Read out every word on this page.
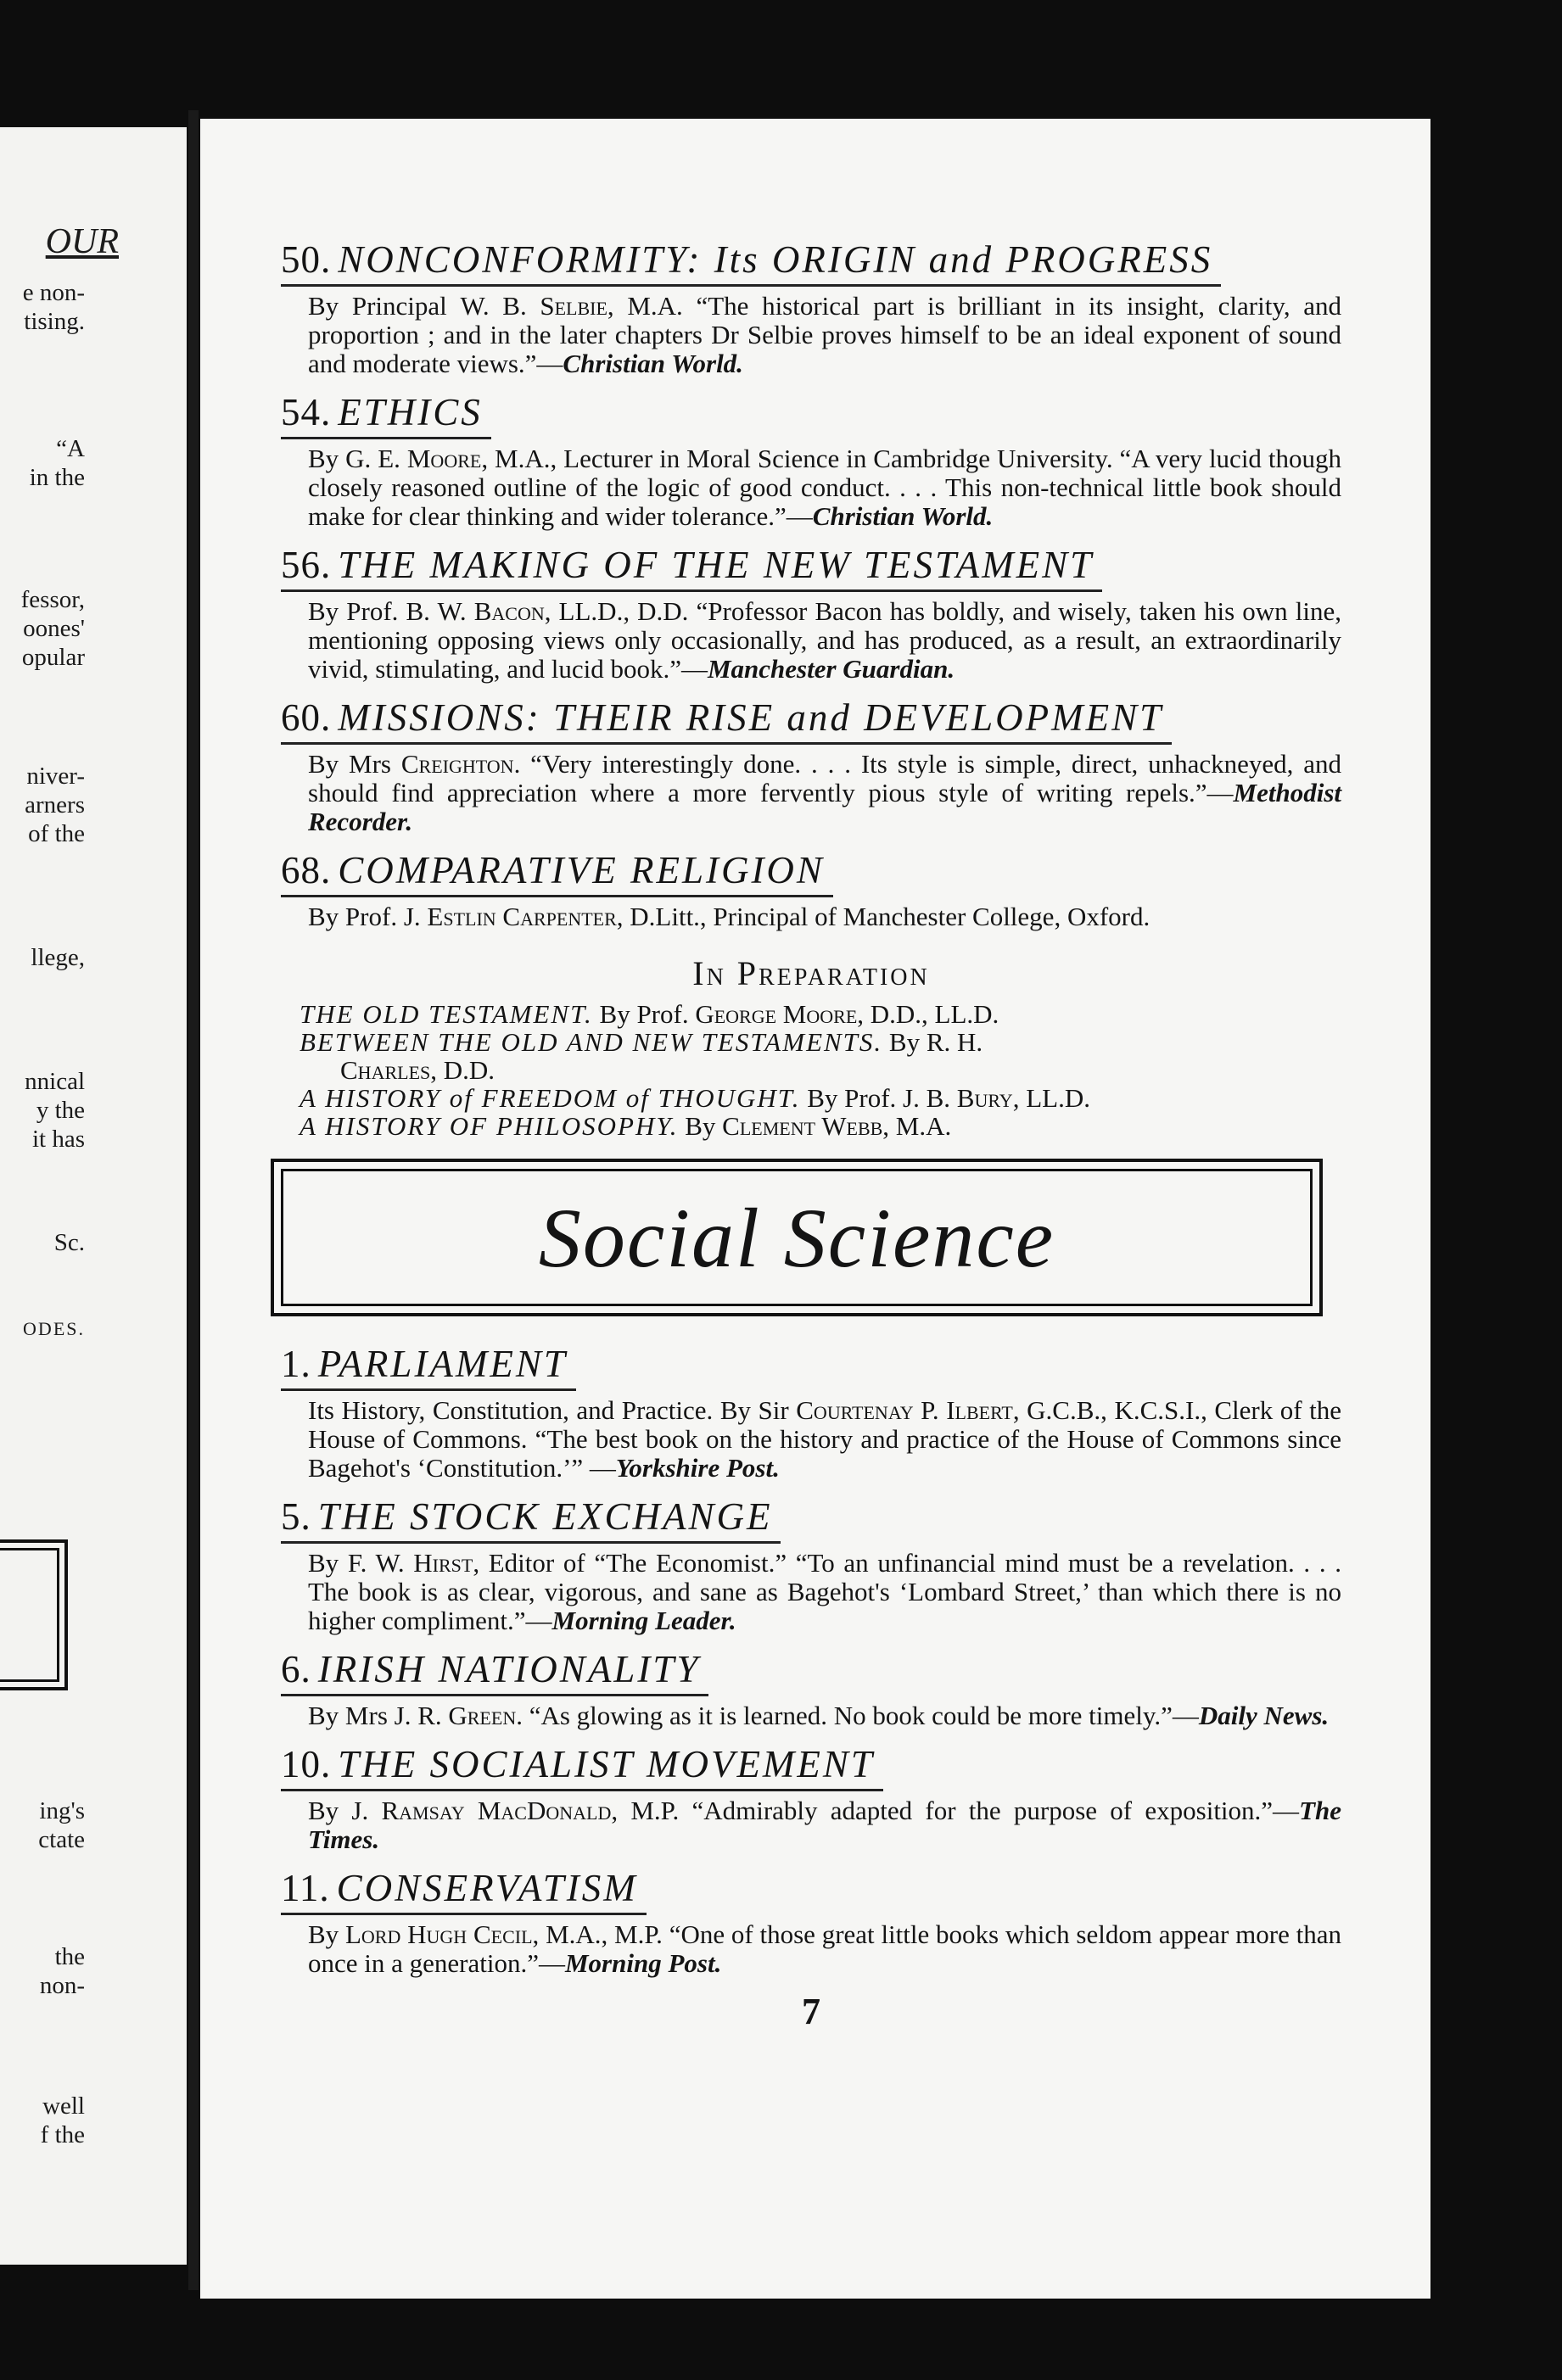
OUR
e non-
tising.
“A
in the
fessor,
oones'
opular
niver-
arners
of the
llege,
nnical
y the
it has
Sc.
ODES.
ing's
ctate
the
non-
well
f the
50. NONCONFORMITY: Its ORIGIN and PROGRESS
By Principal W. B. Selbie, M.A. “The historical part is brilliant in its insight, clarity, and proportion ; and in the later chapters Dr Selbie proves himself to be an ideal exponent of sound and moderate views.”—Christian World.
54. ETHICS
By G. E. Moore, M.A., Lecturer in Moral Science in Cambridge University. “A very lucid though closely reasoned outline of the logic of good conduct. . . . This non-technical little book should make for clear thinking and wider tolerance.”—Christian World.
56. THE MAKING OF THE NEW TESTAMENT
By Prof. B. W. Bacon, LL.D., D.D. “Professor Bacon has boldly, and wisely, taken his own line, mentioning opposing views only occasionally, and has produced, as a result, an extraordinarily vivid, stimulating, and lucid book.”—Manchester Guardian.
60. MISSIONS: THEIR RISE and DEVELOPMENT
By Mrs Creighton. “Very interestingly done. . . . Its style is simple, direct, unhackneyed, and should find appreciation where a more fervently pious style of writing repels.”—Methodist Recorder.
68. COMPARATIVE RELIGION
By Prof. J. Estlin Carpenter, D.Litt., Principal of Manchester College, Oxford.
In Preparation

THE OLD TESTAMENT. By Prof. George Moore, D.D., LL.D.

BETWEEN THE OLD AND NEW TESTAMENTS. By R. H.

Charles, D.D.

A HISTORY of FREEDOM of THOUGHT. By Prof. J. B. Bury, LL.D.

A HISTORY OF PHILOSOPHY. By Clement Webb, M.A.

Social Science
1. PARLIAMENT
Its History, Constitution, and Practice. By Sir Courtenay P. Ilbert, G.C.B., K.C.S.I., Clerk of the House of Commons. “The best book on the history and practice of the House of Commons since Bagehot's ‘Constitution.’” —Yorkshire Post.
5. THE STOCK EXCHANGE
By F. W. Hirst, Editor of “The Economist.” “To an unfinancial mind must be a revelation. . . . The book is as clear, vigorous, and sane as Bagehot's ‘Lombard Street,’ than which there is no higher compliment.”—Morning Leader.
6. IRISH NATIONALITY
By Mrs J. R. Green. “As glowing as it is learned. No book could be more timely.”—Daily News.
10. THE SOCIALIST MOVEMENT
By J. Ramsay MacDonald, M.P. “Admirably adapted for the purpose of exposition.”—The Times.
11. CONSERVATISM
By Lord Hugh Cecil, M.A., M.P. “One of those great little books which seldom appear more than once in a generation.”—Morning Post.
7
